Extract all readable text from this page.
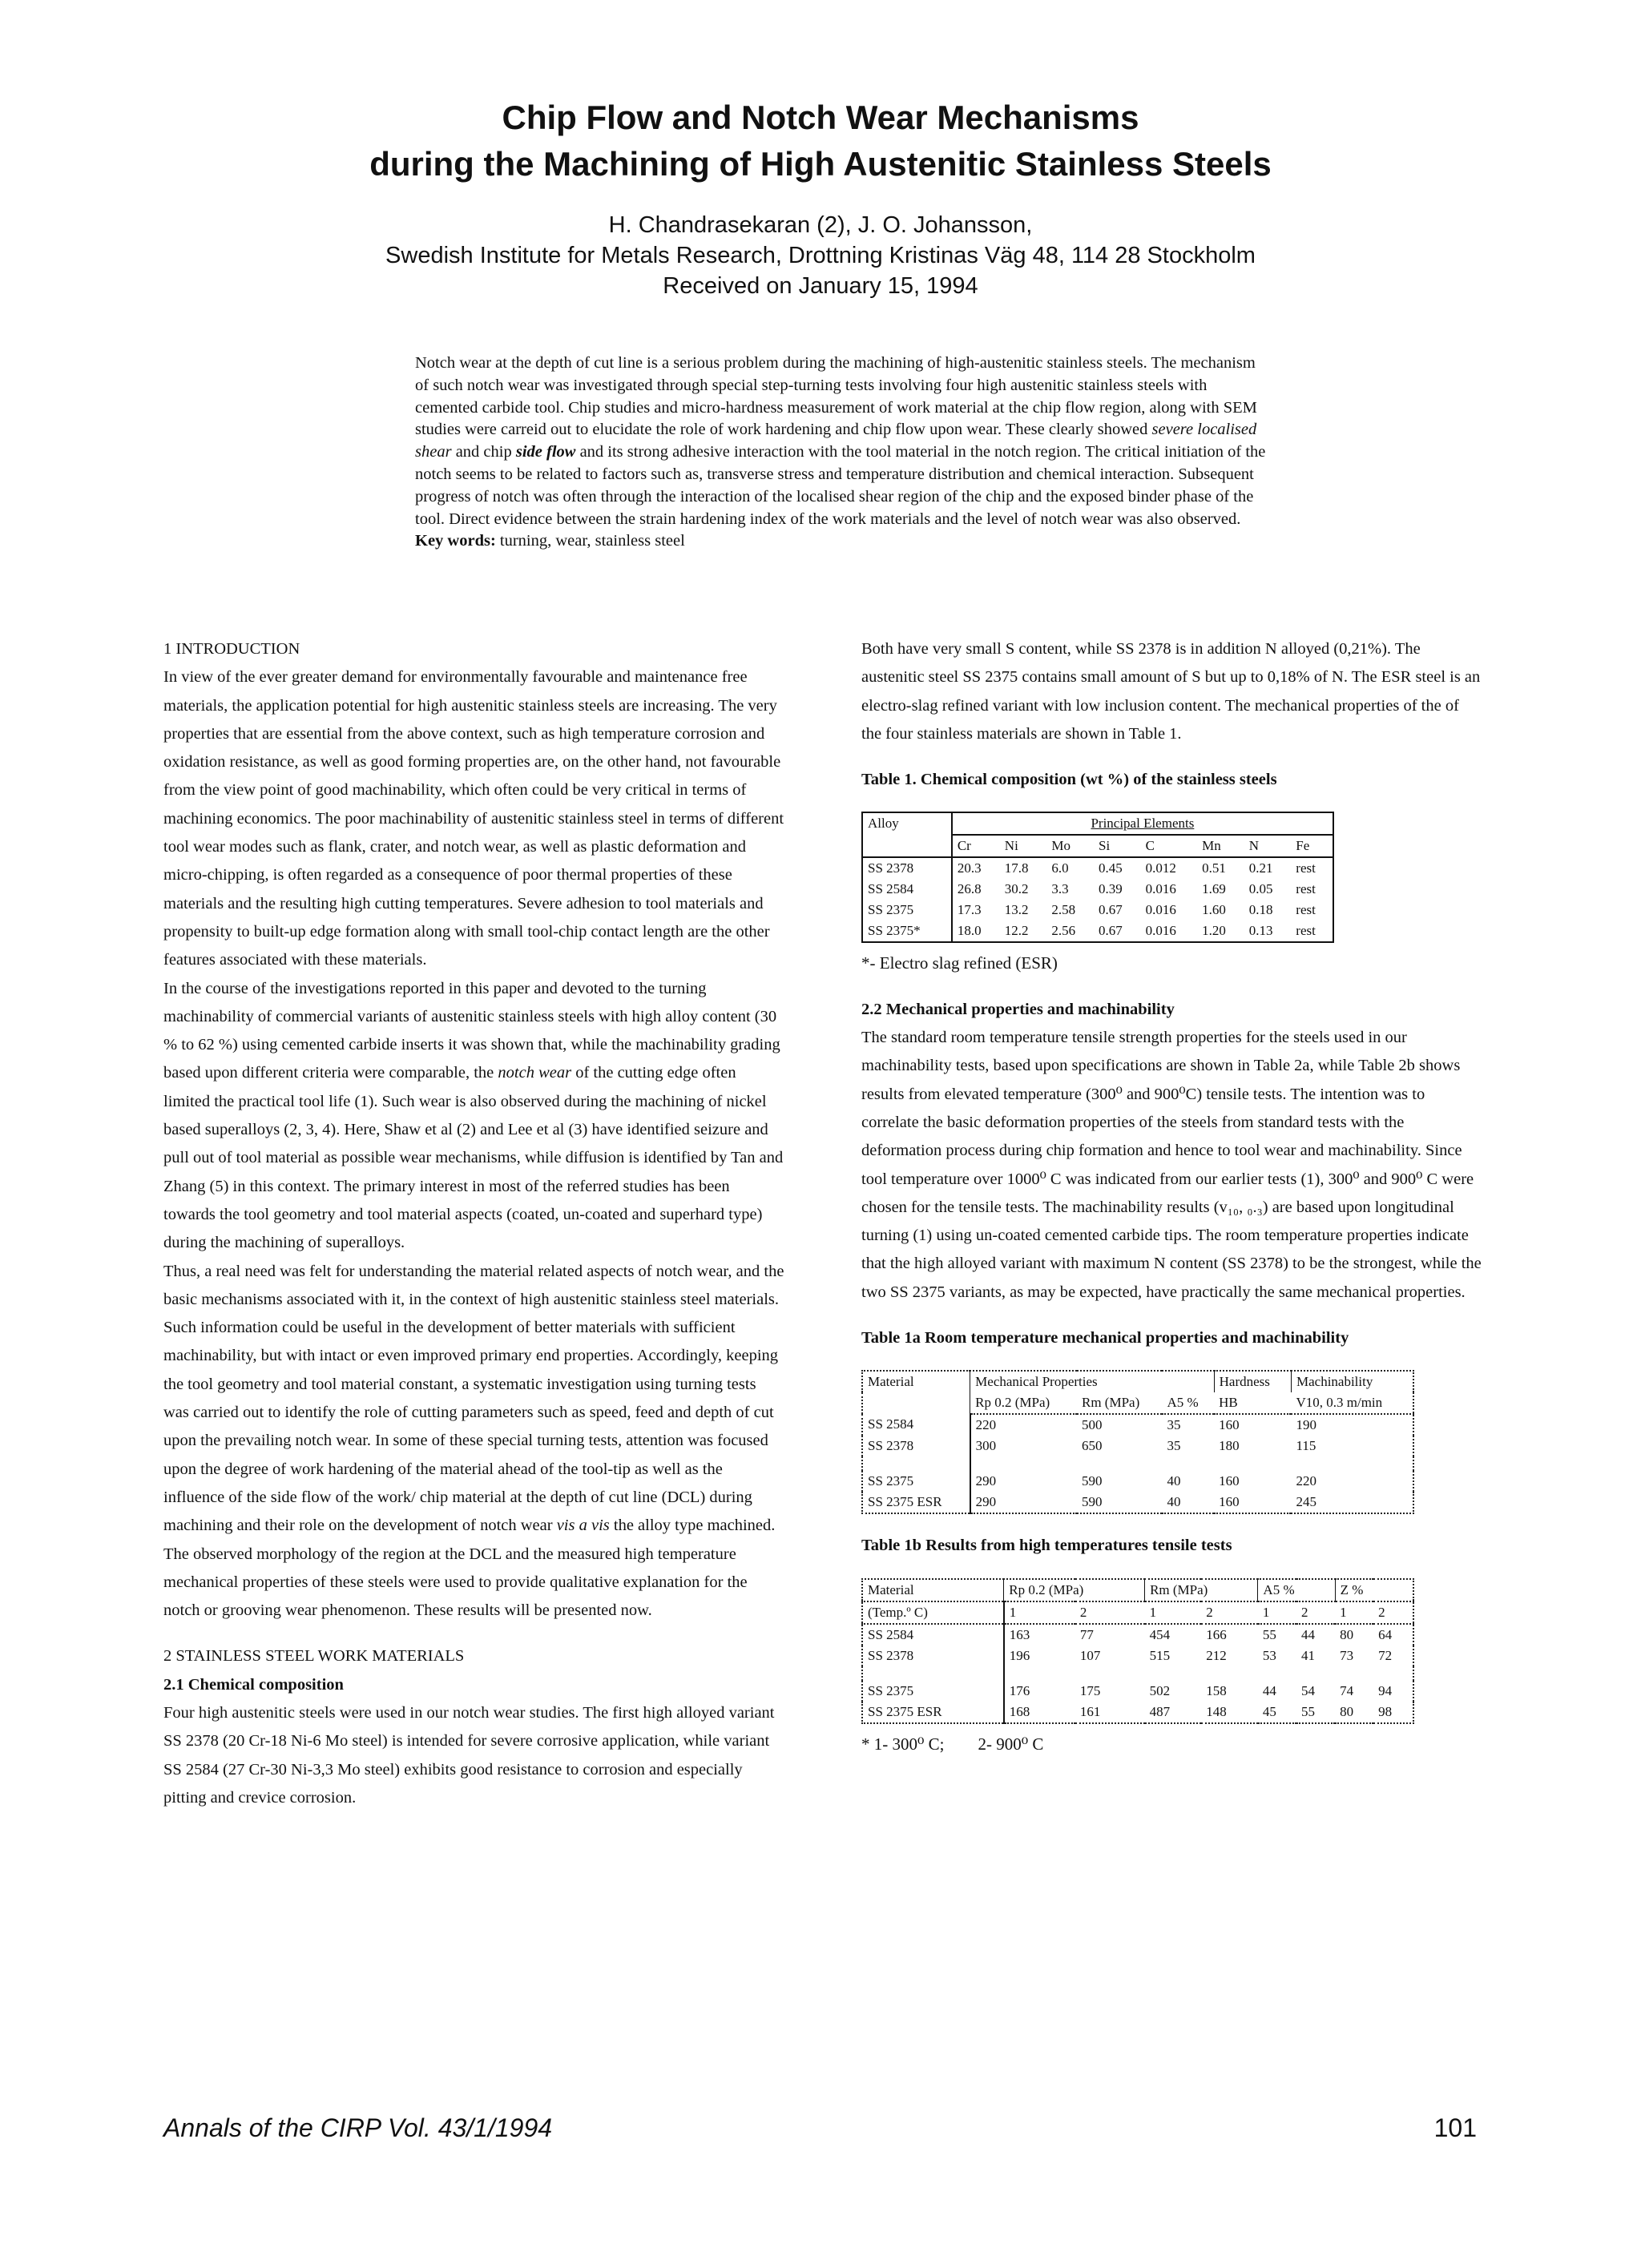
Chip Flow and Notch Wear Mechanisms
during the Machining of High Austenitic Stainless Steels
H. Chandrasekaran (2), J. O. Johansson,
Swedish Institute for Metals Research, Drottning Kristinas Väg 48, 114 28 Stockholm
Received on January 15, 1994

Notch wear at the depth of cut line is a serious problem during the machining of high-austenitic stainless steels. The mechanism of such notch wear was investigated through special step-turning tests involving four high austenitic stainless steels with cemented carbide tool. Chip studies and micro-hardness measurement of work material at the chip flow region, along with SEM studies were carreid out to elucidate the role of work hardening and chip flow upon wear. These clearly showed severe localised shear and chip side flow and its strong adhesive interaction with the tool material in the notch region. The critical initiation of the notch seems to be related to factors such as, transverse stress and temperature distribution and chemical interaction. Subsequent progress of notch was often through the interaction of the localised shear region of the chip and the exposed binder phase of the tool. Direct evidence between the strain hardening index of the work materials and the level of notch wear was also observed.

Key words: turning, wear, stainless steel

1 INTRODUCTION

In view of the ever greater demand for environmentally favourable and maintenance free materials, the application potential for high austenitic stainless steels are increasing. The very properties that are essential from the above context, such as high temperature corrosion and oxidation resistance, as well as good forming properties are, on the other hand, not favourable from the view point of good machinability, which often could be very critical in terms of machining economics. The poor machinability of austenitic stainless steel in terms of different tool wear modes such as flank, crater, and notch wear, as well as plastic deformation and micro-chipping, is often regarded as a consequence of poor thermal properties of these materials and the resulting high cutting temperatures. Severe adhesion to tool materials and propensity to built-up edge formation along with small tool-chip contact length are the other features associated with these materials.

In the course of the investigations reported in this paper and devoted to the turning machinability of commercial variants of austenitic stainless steels with high alloy content (30 % to 62 %) using cemented carbide inserts it was shown that, while the machinability grading based upon different criteria were comparable, the notch wear of the cutting edge often limited the practical tool life (1). Such wear is also observed during the machining of nickel based superalloys (2, 3, 4). Here, Shaw et al (2) and Lee et al (3) have identified seizure and pull out of tool material as possible wear mechanisms, while diffusion is identified by Tan and Zhang (5) in this context. The primary interest in most of the referred studies has been towards the tool geometry and tool material aspects (coated, un-coated and superhard type) during the machining of superalloys.

Thus, a real need was felt for understanding the material related aspects of notch wear, and the basic mechanisms associated with it, in the context of high austenitic stainless steel materials. Such information could be useful in the development of better materials with sufficient machinability, but with intact or even improved primary end properties. Accordingly, keeping the tool geometry and tool material constant, a systematic investigation using turning tests was carried out to identify the role of cutting parameters such as speed, feed and depth of cut upon the prevailing notch wear. In some of these special turning tests, attention was focused upon the degree of work hardening of the material ahead of the tool-tip as well as the influence of the side flow of the work/ chip material at the depth of cut line (DCL) during machining and their role on the development of notch wear vis a vis the alloy type machined. The observed morphology of the region at the DCL and the measured high temperature mechanical properties of these steels were used to provide qualitative explanation for the notch or grooving wear phenomenon. These results will be presented now.

2 STAINLESS STEEL WORK MATERIALS

2.1 Chemical composition

Four high austenitic steels were used in our notch wear studies. The first high alloyed variant SS 2378 (20 Cr-18 Ni-6 Mo steel) is intended for severe corrosive application, while variant SS 2584 (27 Cr-30 Ni-3,3 Mo steel) exhibits good resistance to corrosion and especially pitting and crevice corrosion.

Both have very small S content, while SS 2378 is in addition N alloyed (0,21%). The austenitic steel SS 2375 contains small amount of S but up to 0,18% of N. The ESR steel is an electro-slag refined variant with low inclusion content. The mechanical properties of the of the four stainless materials are shown in Table 1.

Table 1. Chemical composition (wt %) of the stainless steels
Alloy	Principal Elements							
	Cr	Ni	Mo	Si	C	Mn	N	Fe
SS 2378	20.3	17.8	6.0	0.45	0.012	0.51	0.21	rest
SS 2584	26.8	30.2	3.3	0.39	0.016	1.69	0.05	rest
SS 2375	17.3	13.2	2.58	0.67	0.016	1.60	0.18	rest
SS 2375*	18.0	12.2	2.56	0.67	0.016	1.20	0.13	rest
*- Electro slag refined (ESR)

2.2 Mechanical properties and machinability

The standard room temperature tensile strength properties for the steels used in our machinability tests, based upon specifications are shown in Table 2a, while Table 2b shows results from elevated temperature (300⁰ and 900⁰C) tensile tests. The intention was to correlate the basic deformation properties of the steels from standard tests with the deformation process during chip formation and hence to tool wear and machinability. Since tool temperature over 1000⁰ C was indicated from our earlier tests (1), 300⁰ and 900⁰ C were chosen for the tensile tests. The machinability results (v₁₀, ₀.₃) are based upon longitudinal turning (1) using un-coated cemented carbide tips. The room temperature properties indicate that the high alloyed variant with maximum N content (SS 2378) to be the strongest, while the two SS 2375 variants, as may be expected, have practically the same mechanical properties.

Table 1a Room temperature mechanical properties and machinability
Material	Mechanical Properties			Hardness	Machinability
	Rp 0.2 (MPa)	Rm (MPa)	A5 %	HB	V10, 0.3 m/min
SS 2584	220	500	35	160	190
SS 2378	300	650	35	180	115

SS 2375	290	590	40	160	220
SS 2375 ESR	290	590	40	160	245
Table 1b Results from high temperatures tensile tests
Material	Rp 0.2 (MPa)		Rm (MPa)		A5 %		Z %	
(Temp.º C)	1	2	1	2	1	2	1	2
SS 2584	163	77	454	166	55	44	80	64
SS 2378	196	107	515	212	53	41	73	72

SS 2375	176	175	502	158	44	54	74	94
SS 2375 ESR	168	161	487	148	45	55	80	98
* 1- 300⁰ C; 2- 900⁰ C
Annals of the CIRP Vol. 43/1/1994	101
